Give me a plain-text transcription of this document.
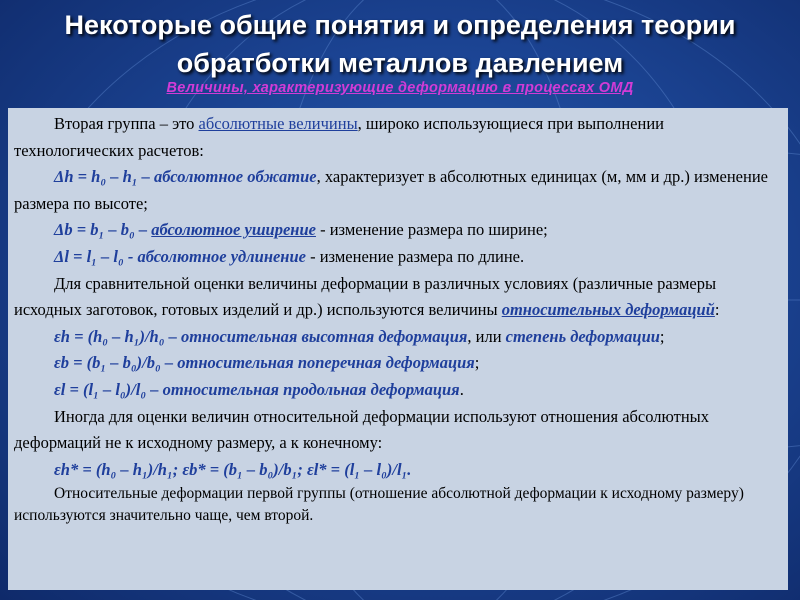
Некоторые общие понятия и определения теории
обратботки металлов давлением
Величины, характеризующие деформацию в процессах ОМД

Вторая группа – это абсолютные величины, широко использующиеся при выполнении технологических расчетов:

Δh = h₀ – h₁ – абсолютное обжатие, характеризует в абсолютных единицах (м, мм и др.) изменение размера по высоте;

Δb = b₁ – b₀ – абсолютное уширение - изменение размера по ширине;

Δl = l₁ – l₀ - абсолютное удлинение - изменение размера по длине.

Для сравнительной оценки величины деформации в различных условиях (различные размеры исходных заготовок, готовых изделий и др.) используются величины относительных деформаций:

εh = (h₀ – h₁)/h₀ – относительная высотная деформация, или степень деформации;

εb = (b₁ – b₀)/b₀ – относительная поперечная деформация;

εl = (l₁ – l₀)/l₀ – относительная продольная деформация.

Иногда для оценки величин относительной деформации используют отношения абсолютных деформаций не к исходному размеру, а к конечному:

εh* = (h₀ – h₁)/h₁; εb* = (b₁ – b₀)/b₁; εl* = (l₁ – l₀)/l₁.

Относительные деформации первой группы (отношение абсолютной деформации к исходному размеру) используются значительно чаще, чем второй.
